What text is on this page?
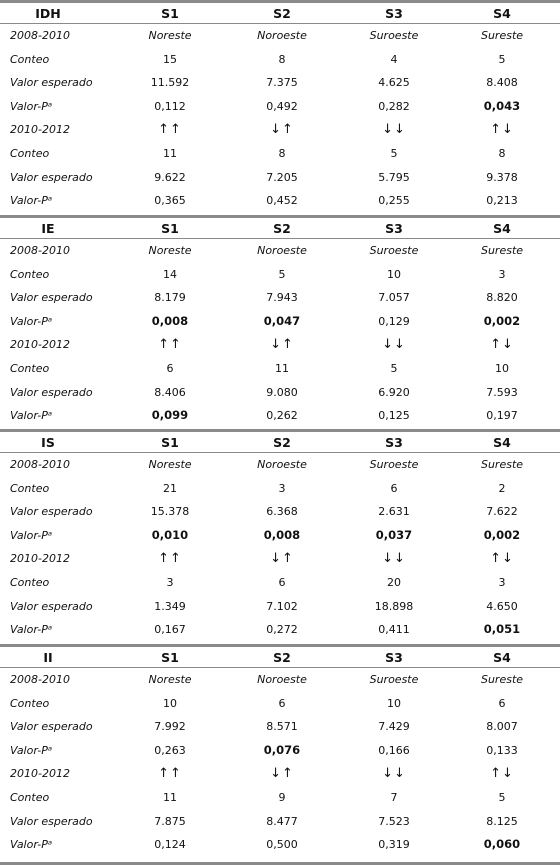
IDH	S1	S2	S3	S4
2008-2010	Noreste	Noroeste	Suroeste	Sureste
Conteo	15	8	4	5
Valor esperado	11.592	7.375	4.625	8.408
Valor-Pᵃ	0,112	0,492	0,282	0,043
2010-2012	↑↑	↓↑	↓↓	↑↓
Conteo	11	8	5	8
Valor esperado	9.622	7.205	5.795	9.378
Valor-Pᵃ	0,365	0,452	0,255	0,213
IE	S1	S2	S3	S4
2008-2010	Noreste	Noroeste	Suroeste	Sureste
Conteo	14	5	10	3
Valor esperado	8.179	7.943	7.057	8.820
Valor-Pᵃ	0,008	0,047	0,129	0,002
2010-2012	↑↑	↓↑	↓↓	↑↓
Conteo	6	11	5	10
Valor esperado	8.406	9.080	6.920	7.593
Valor-Pᵃ	0,099	0,262	0,125	0,197
IS	S1	S2	S3	S4
2008-2010	Noreste	Noroeste	Suroeste	Sureste
Conteo	21	3	6	2
Valor esperado	15.378	6.368	2.631	7.622
Valor-Pᵃ	0,010	0,008	0,037	0,002
2010-2012	↑↑	↓↑	↓↓	↑↓
Conteo	3	6	20	3
Valor esperado	1.349	7.102	18.898	4.650
Valor-Pᵃ	0,167	0,272	0,411	0,051
II	S1	S2	S3	S4
2008-2010	Noreste	Noroeste	Suroeste	Sureste
Conteo	10	6	10	6
Valor esperado	7.992	8.571	7.429	8.007
Valor-Pᵃ	0,263	0,076	0,166	0,133
2010-2012	↑↑	↓↑	↓↓	↑↓
Conteo	11	9	7	5
Valor esperado	7.875	8.477	7.523	8.125
Valor-Pᵃ	0,124	0,500	0,319	0,060
